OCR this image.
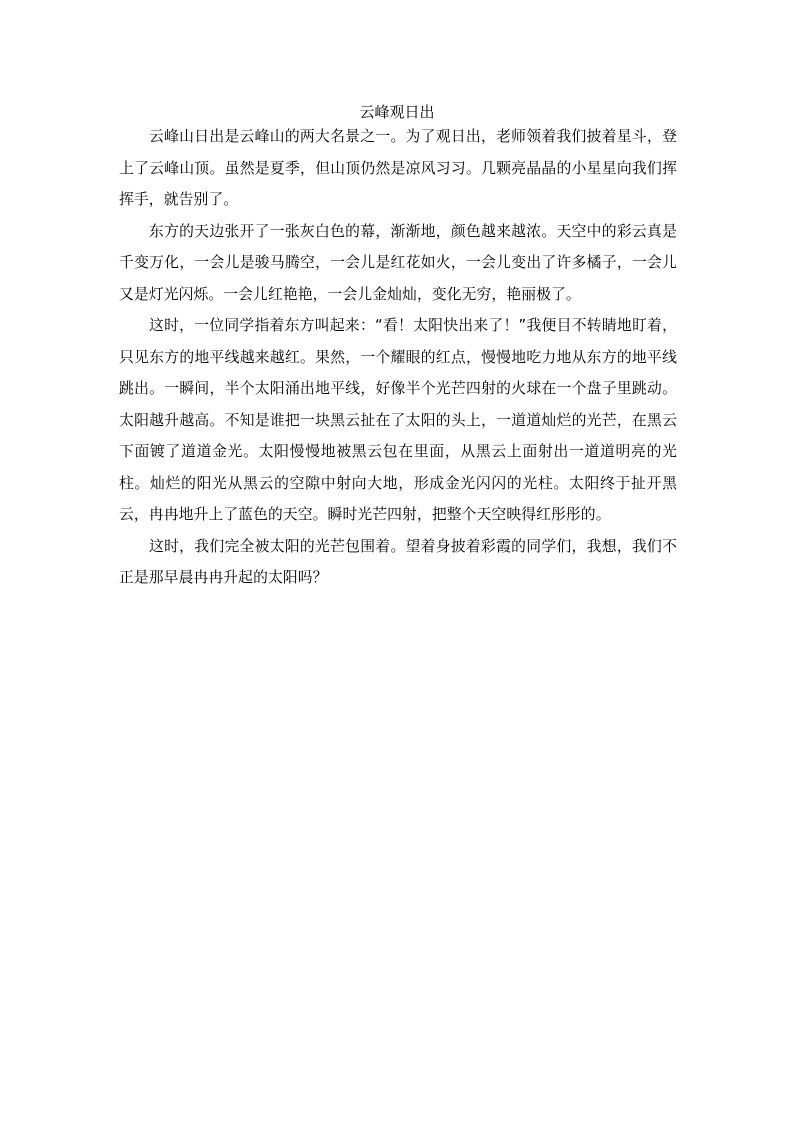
云峰观日出

云峰山日出是云峰山的两大名景之一。为了观日出，老师领着我们披着星斗，登上了云峰山顶。虽然是夏季，但山顶仍然是凉风习习。几颗亮晶晶的小星星向我们挥挥手，就告别了。

东方的天边张开了一张灰白色的幕，渐渐地，颜色越来越浓。天空中的彩云真是千变万化，一会儿是骏马腾空，一会儿是红花如火，一会儿变出了许多橘子，一会儿又是灯光闪烁。一会儿红艳艳，一会儿金灿灿，变化无穷，艳丽极了。

这时，一位同学指着东方叫起来：“看！太阳快出来了！”我便目不转睛地盯着，只见东方的地平线越来越红。果然，一个耀眼的红点，慢慢地吃力地从东方的地平线跳出。一瞬间，半个太阳涌出地平线，好像半个光芒四射的火球在一个盘子里跳动。太阳越升越高。不知是谁把一块黑云扯在了太阳的头上，一道道灿烂的光芒，在黑云下面镀了道道金光。太阳慢慢地被黑云包在里面，从黑云上面射出一道道明亮的光柱。灿烂的阳光从黑云的空隙中射向大地，形成金光闪闪的光柱。太阳终于扯开黑云，冉冉地升上了蓝色的天空。瞬时光芒四射，把整个天空映得红彤彤的。

这时，我们完全被太阳的光芒包围着。望着身披着彩霞的同学们，我想，我们不正是那早晨冉冉升起的太阳吗？
